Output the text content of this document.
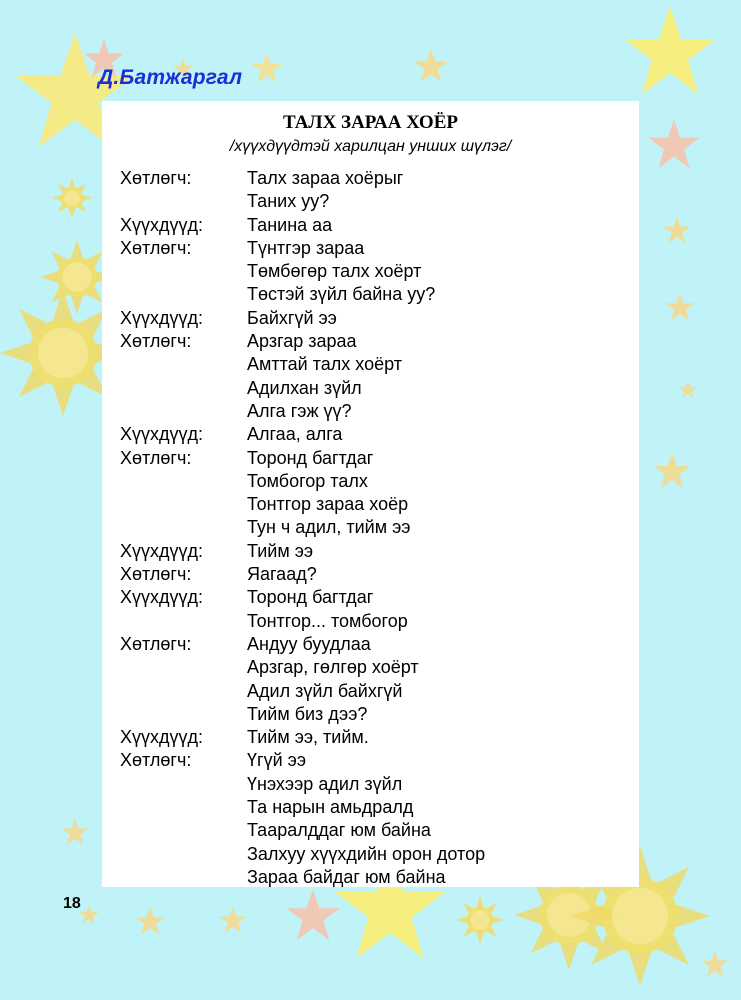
Д.Батжаргал
ТАЛХ ЗАРАА ХОЁР
/хүүхдүүдтэй харилцан унших шүлэг/
Хөтлөгч:	Талх зараа хоёрыг
Таних уу?
Хүүхдүүд: Танина аа
Хөтлөгч:	Түнтгэр зараа
Төмбөгөр талх хоёрт
Төстэй зүйл байна уу?
Хүүхдүүд: Байхгүй ээ
Хөтлөгч:	Арзгар зараа
Амттай талх хоёрт
Адилхан зүйл
Алга гэж үү?
Хүүхдүүд: Алгаа, алга
Хөтлөгч:	Торонд багтдаг
Томбогор талх
Тонтгор зараа хоёр
Тун ч адил, тийм ээ
Хүүхдүүд: Тийм ээ
Хөтлөгч:	Яагаад?
Хүүхдүүд: Торонд багтдаг
Тонтгор... томбогор
Хөтлөгч:	Андуу буудлаа
Арзгар, гөлгөр хоёрт
Адил зүйл байхгүй
Тийм биз дээ?
Хүүхдүүд: Тийм ээ, тийм.
Хөтлөгч:	Үгүй ээ
Үнэхээр адил зүйл
Та нарын амьдралд
Тааралддаг юм байна
Залхуу хүүхдийн орон дотор
Зараа байдаг юм байна
18
